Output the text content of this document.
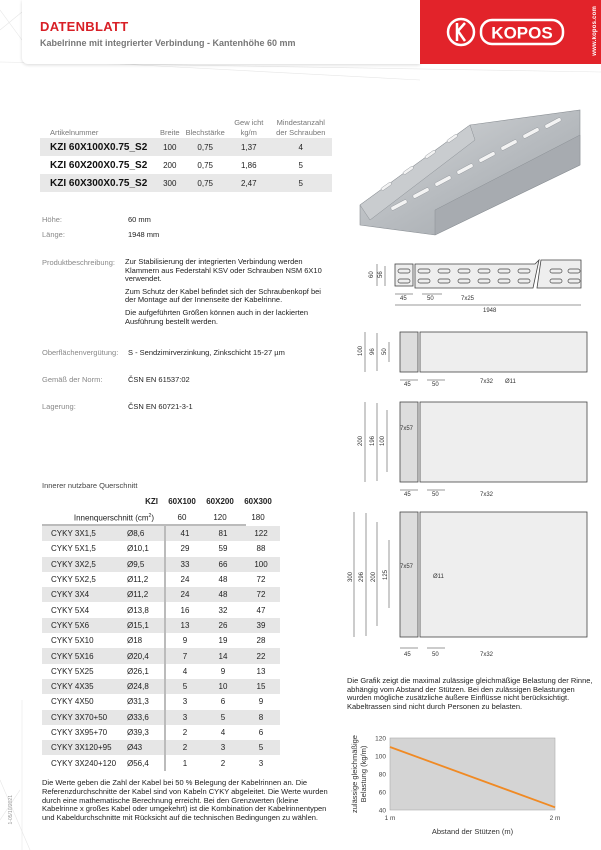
DATENBLATT
Kabelrinne mit integrierter Verbindung - Kantenhöhe 60 mm
KOPOS	www.kopos.com
Artikelnummer	Breite	Blechstärke	Gew icht kg/m	Mindestanzahl der Schrauben
KZI 60X100X0.75_S2	100	0,75	1,37	4
KZI 60X200X0.75_S2	200	0,75	1,86	5
KZI 60X300X0.75_S2	300	0,75	2,47	5
Höhe:	60 mm
Länge:	1948 mm
Produktbeschreibung: Zur Stabilisierung der integrierten Verbindung werden Klammern aus Federstahl KSV oder Schrauben NSM 6X10 verwendet.

Zum Schutz der Kabel befindet sich der Schraubenkopf bei der Montage auf der Innenseite der Kabelrinne.

Die aufgeführten Größen können auch in der lackierten Ausführung bestellt werden.

Oberflächenvergütung: S - Sendzimirverzinkung, Zinkschicht 15-27 µm
Gemäß der Norm:	ČSN EN 61537:02
Lagerung:	ČSN EN 60721-3-1
Innerer nutzbare Querschnitt
KZI	60X100	60X200	60X300
Innenquerschnitt $(cm^2)$	60	120	180
CYKY 3X1,5	Ø8,6	41	81	122
CYKY 5X1,5	Ø10,1	29	59	88
CYKY 3X2,5	Ø9,5	33	66	100
CYKY 5X2,5	Ø11,2	24	48	72
CYKY 3X4	Ø11,2	24	48	72
CYKY 5X4	Ø13,8	16	32	47
CYKY 5X6	Ø15,1	13	26	39
CYKY 5X10	Ø18	9	19	28
CYKY 5X16	Ø20,4	7	14	22
CYKY 5X25	Ø26,1	4	9	13
CYKY 4X35	Ø24,8	5	10	15
CYKY 4X50	Ø31,3	3	6	9
CYKY 3X70+50	Ø33,6	3	5	8
CYKY 3X95+70	Ø39,3	2	4	6
CYKY 3X120+95	Ø43	2	3	5
CYKY 3X240+120	Ø56,4	1	2	3
Die Werte geben die Zahl der Kabel bei 50 % Belegung der Kabelrinnen an. Die Referenzdurchschnitte der Kabel sind von Kabeln CYKY abgeleitet. Die Werte wurden durch eine mathematische Berechnung erreicht. Bei den Grenzwerten (kleine Kabelrinne x großes Kabel oder umgekehrt) ist die Kombination der Kabelrinnentypen und Kabeldurchschnitte mit Rücksicht auf die technischen Bedingungen zu wählen.
1-05/10/2021
60 56
45	50	7x25
1948
100 96 50
45	50	7x32 Ø11
200 196 100
7x57
45	50	7x32
300 296 200 125
7x57
Ø11
45	50	7x32
Die Grafik zeigt die maximal zulässige gleichmäßige Belastung der Rinne, abhängig vom Abstand der Stützen. Bei den zulässigen Belastungen wurden mögliche zusätzliche äußere Einflüsse nicht berücksichtigt. Kabeltrassen sind nicht durch Personen zu belasten.
zulässige gleichmäßige Belastung (kg/m)
Abstand der Stützen (m)
40
60
80
100
120
1 m	2 m
